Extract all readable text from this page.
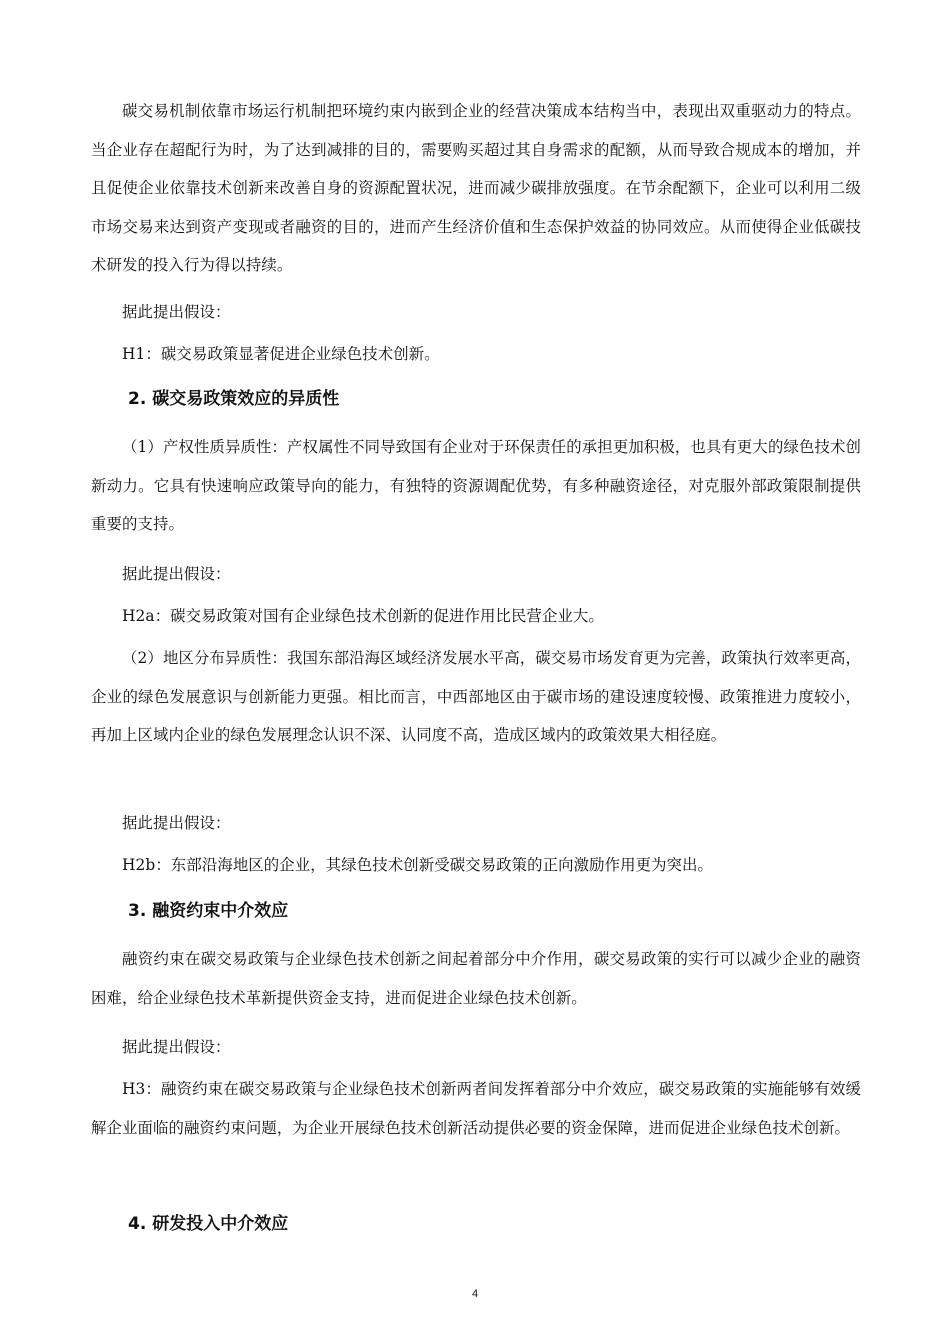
碳交易机制依靠市场运行机制把环境约束内嵌到企业的经营决策成本结构当中，表现出双重驱动力的特点。当企业存在超配行为时，为了达到减排的目的，需要购买超过其自身需求的配额，从而导致合规成本的增加，并且促使企业依靠技术创新来改善自身的资源配置状况，进而减少碳排放强度。在节余配额下，企业可以利用二级市场交易来达到资产变现或者融资的目的，进而产生经济价值和生态保护效益的协同效应。从而使得企业低碳技术研发的投入行为得以持续。

据此提出假设：

H1：碳交易政策显著促进企业绿色技术创新。

2. 碳交易政策效应的异质性

（1）产权性质异质性：产权属性不同导致国有企业对于环保责任的承担更加积极，也具有更大的绿色技术创新动力。它具有快速响应政策导向的能力，有独特的资源调配优势，有多种融资途径，对克服外部政策限制提供重要的支持。

据此提出假设：

H2a：碳交易政策对国有企业绿色技术创新的促进作用比民营企业大。

（2）地区分布异质性：我国东部沿海区域经济发展水平高，碳交易市场发育更为完善，政策执行效率更高，企业的绿色发展意识与创新能力更强。相比而言，中西部地区由于碳市场的建设速度较慢、政策推进力度较小，再加上区域内企业的绿色发展理念认识不深、认同度不高，造成区域内的政策效果大相径庭。

据此提出假设：

H2b：东部沿海地区的企业，其绿色技术创新受碳交易政策的正向激励作用更为突出。

3. 融资约束中介效应

融资约束在碳交易政策与企业绿色技术创新之间起着部分中介作用，碳交易政策的实行可以减少企业的融资困难，给企业绿色技术革新提供资金支持，进而促进企业绿色技术创新。

据此提出假设：

H3：融资约束在碳交易政策与企业绿色技术创新两者间发挥着部分中介效应，碳交易政策的实施能够有效缓解企业面临的融资约束问题，为企业开展绿色技术创新活动提供必要的资金保障，进而促进企业绿色技术创新。

4. 研发投入中介效应
4
